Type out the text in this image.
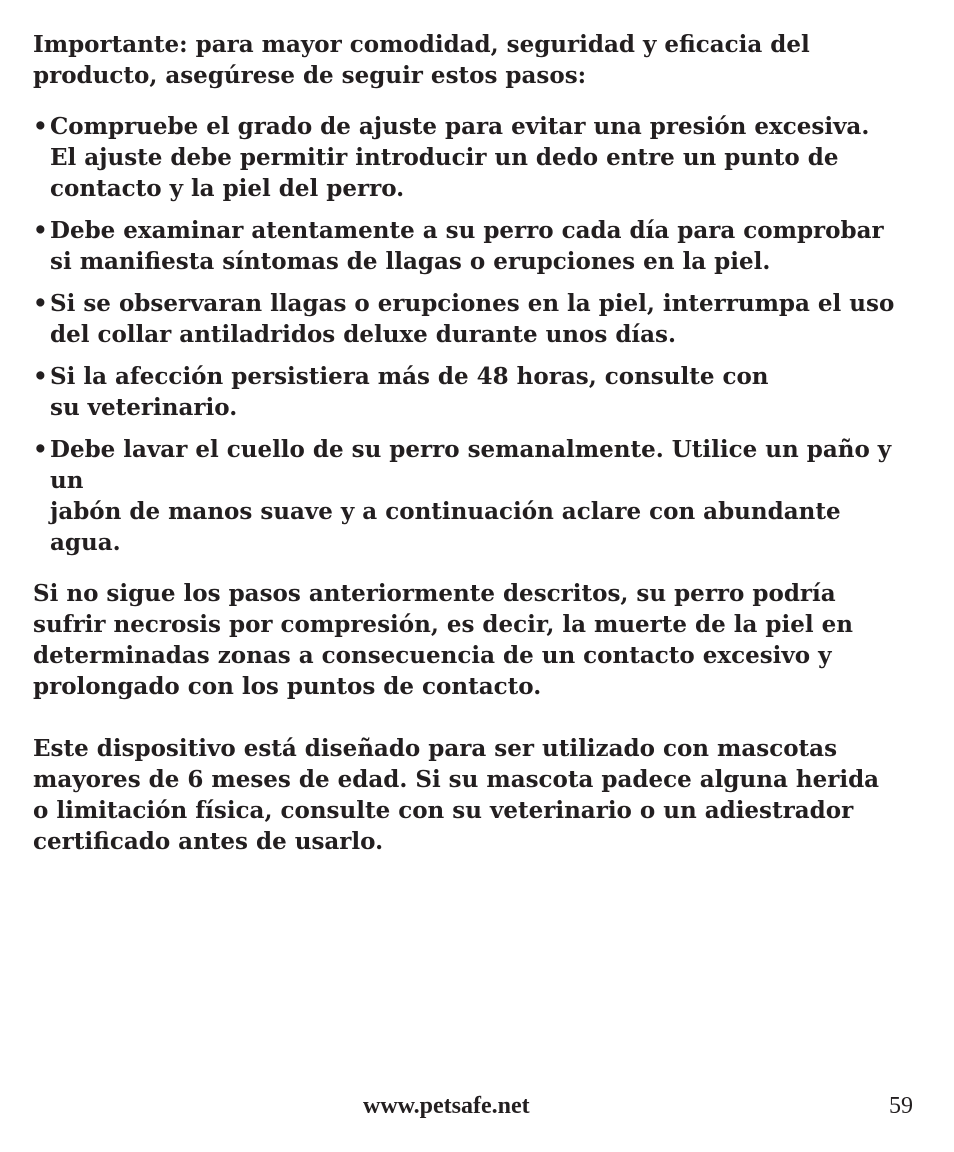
Importante: para mayor comodidad, seguridad y eficacia del
producto, asegúrese de seguir estos pasos:

• Compruebe el grado de ajuste para evitar una presión excesiva.
El ajuste debe permitir introducir un dedo entre un punto de
contacto y la piel del perro.
• Debe examinar atentamente a su perro cada día para comprobar
si manifiesta síntomas de llagas o erupciones en la piel.
• Si se observaran llagas o erupciones en la piel, interrumpa el uso
del collar antiladridos deluxe durante unos días.
• Si la afección persistiera más de 48 horas, consulte con
su veterinario.
• Debe lavar el cuello de su perro semanalmente. Utilice un paño y un
jabón de manos suave y a continuación aclare con abundante agua.

Si no sigue los pasos anteriormente descritos, su perro podría
sufrir necrosis por compresión, es decir, la muerte de la piel en
determinadas zonas a consecuencia de un contacto excesivo y
prolongado con los puntos de contacto.

Este dispositivo está diseñado para ser utilizado con mascotas
mayores de 6 meses de edad. Si su mascota padece alguna herida
o limitación física, consulte con su veterinario o un adiestrador
certificado antes de usarlo.

www.petsafe.net	59
